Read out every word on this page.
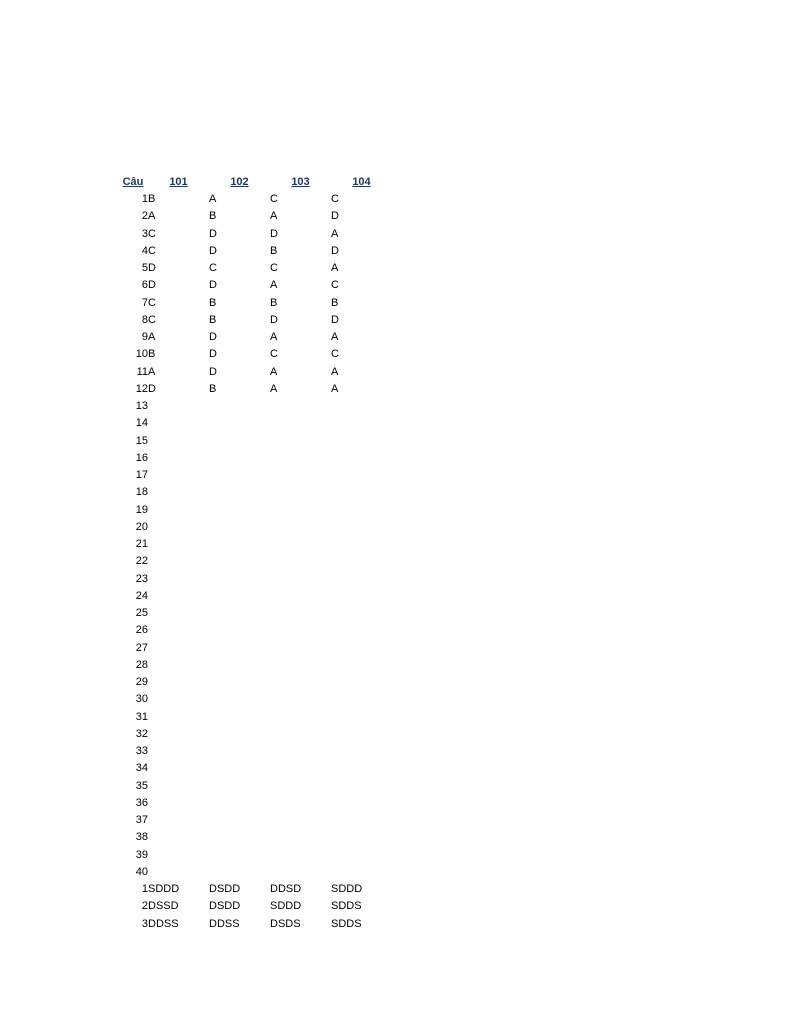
Câu	101	102	103	104
1	B	A	C	C
2	A	B	A	D
3	C	D	D	A
4	C	D	B	D
5	D	C	C	A
6	D	D	A	C
7	C	B	B	B
8	C	B	D	D
9	A	D	A	A
10	B	D	C	C
11	A	D	A	A
12	D	B	A	A
13				
14				
15				
16				
17				
18				
19				
20				
21				
22				
23				
24				
25				
26				
27				
28				
29				
30				
31				
32				
33				
34				
35				
36				
37				
38				
39				
40				
1	SDDD	DSDD	DDSD	SDDD
2	DSSD	DSDD	SDDD	SDDS
3	DDSS	DDSS	DSDS	SDDS
